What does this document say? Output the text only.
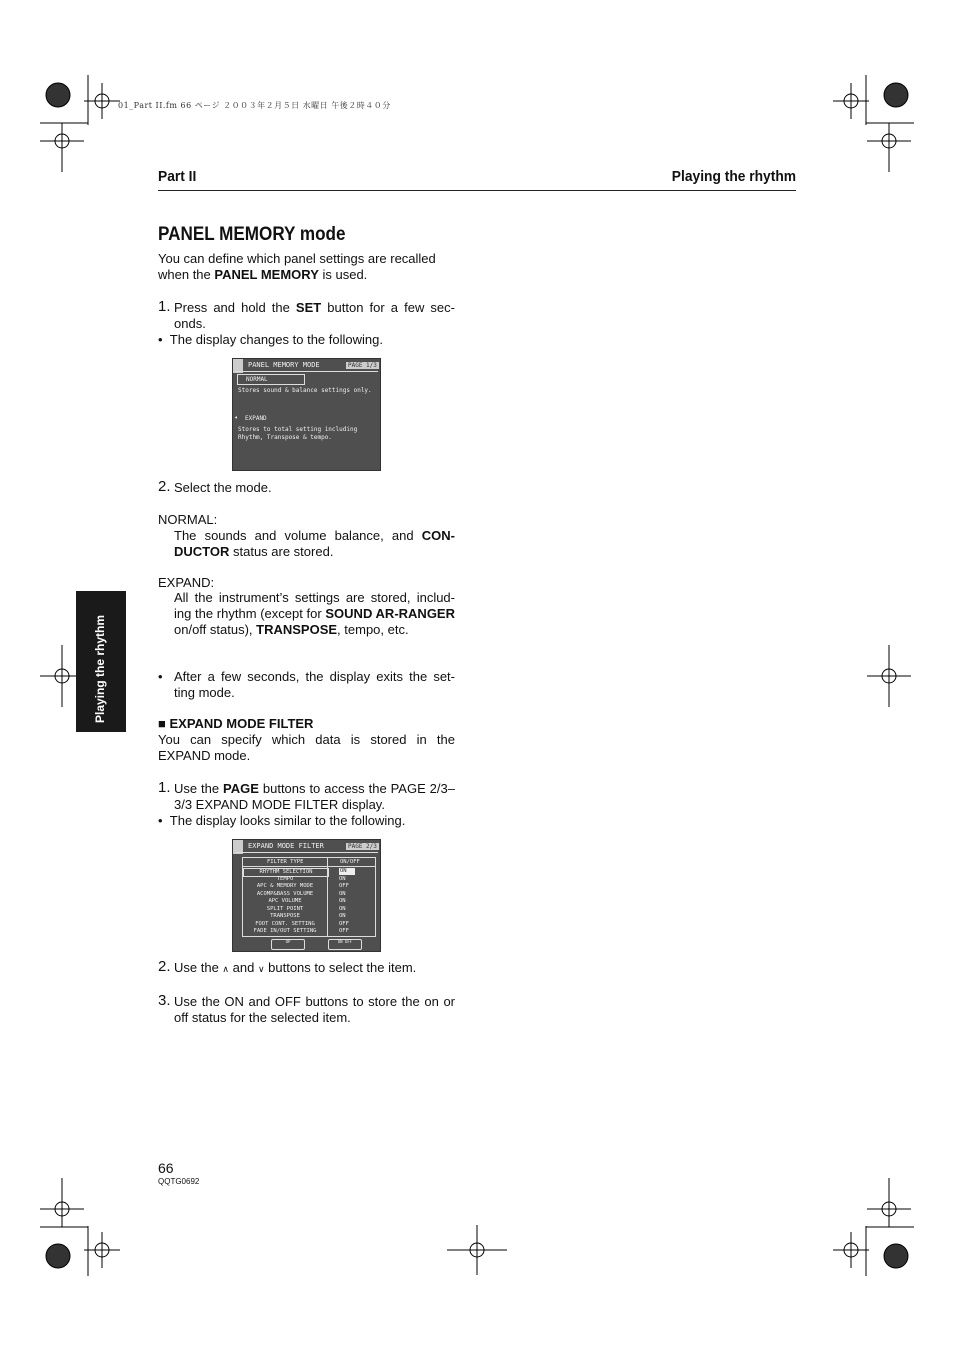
01_Part II.fm 66 ページ ２００３年２月５日 水曜日 午後２時４０分
Part II	Playing the rhythm
Playing the rhythm
PANEL MEMORY mode
You can define which panel settings are recalled when the PANEL MEMORY is used.
1. Press and hold the SET button for a few sec-onds.
•  The display changes to the following.
PANEL MEMORY MODE	PAGE 1/3
NORMAL
Stores sound & balance settings only.
◂ EXPAND
Stores to total setting including
Rhythm, Transpose & tempo.
2. Select the mode.
NORMAL:
The sounds and volume balance, and CON-DUCTOR status are stored.
EXPAND:
All the instrument’s settings are stored, includ-ing the rhythm (except for SOUND AR-RANGER on/off status), TRANSPOSE, tempo, etc.
• After a few seconds, the display exits the set-ting mode.
■ EXPAND MODE FILTER
You can specify which data is stored in the EXPAND mode.
1. Use the PAGE buttons to access the PAGE 2/3–3/3 EXPAND MODE FILTER display.
•  The display looks similar to the following.
EXPAND MODE FILTER	PAGE 2/3
FILTER TYPE	ON/OFF
RHYTHM SELECTION	ON
TEMPO	ON
APC & MEMORY MODE	OFF
ACOMP&BASS VOLUME	ON
APC VOLUME	ON
SPLIT POINT	ON
TRANSPOSE	ON
FOOT CONT. SETTING	OFF
FADE IN/OUT SETTING	OFF
UP	ON OFF
2. Use the ∧ and ∨ buttons to select the item.
3. Use the ON and OFF buttons to store the on or off status for the selected item.
66
QQTG0692
